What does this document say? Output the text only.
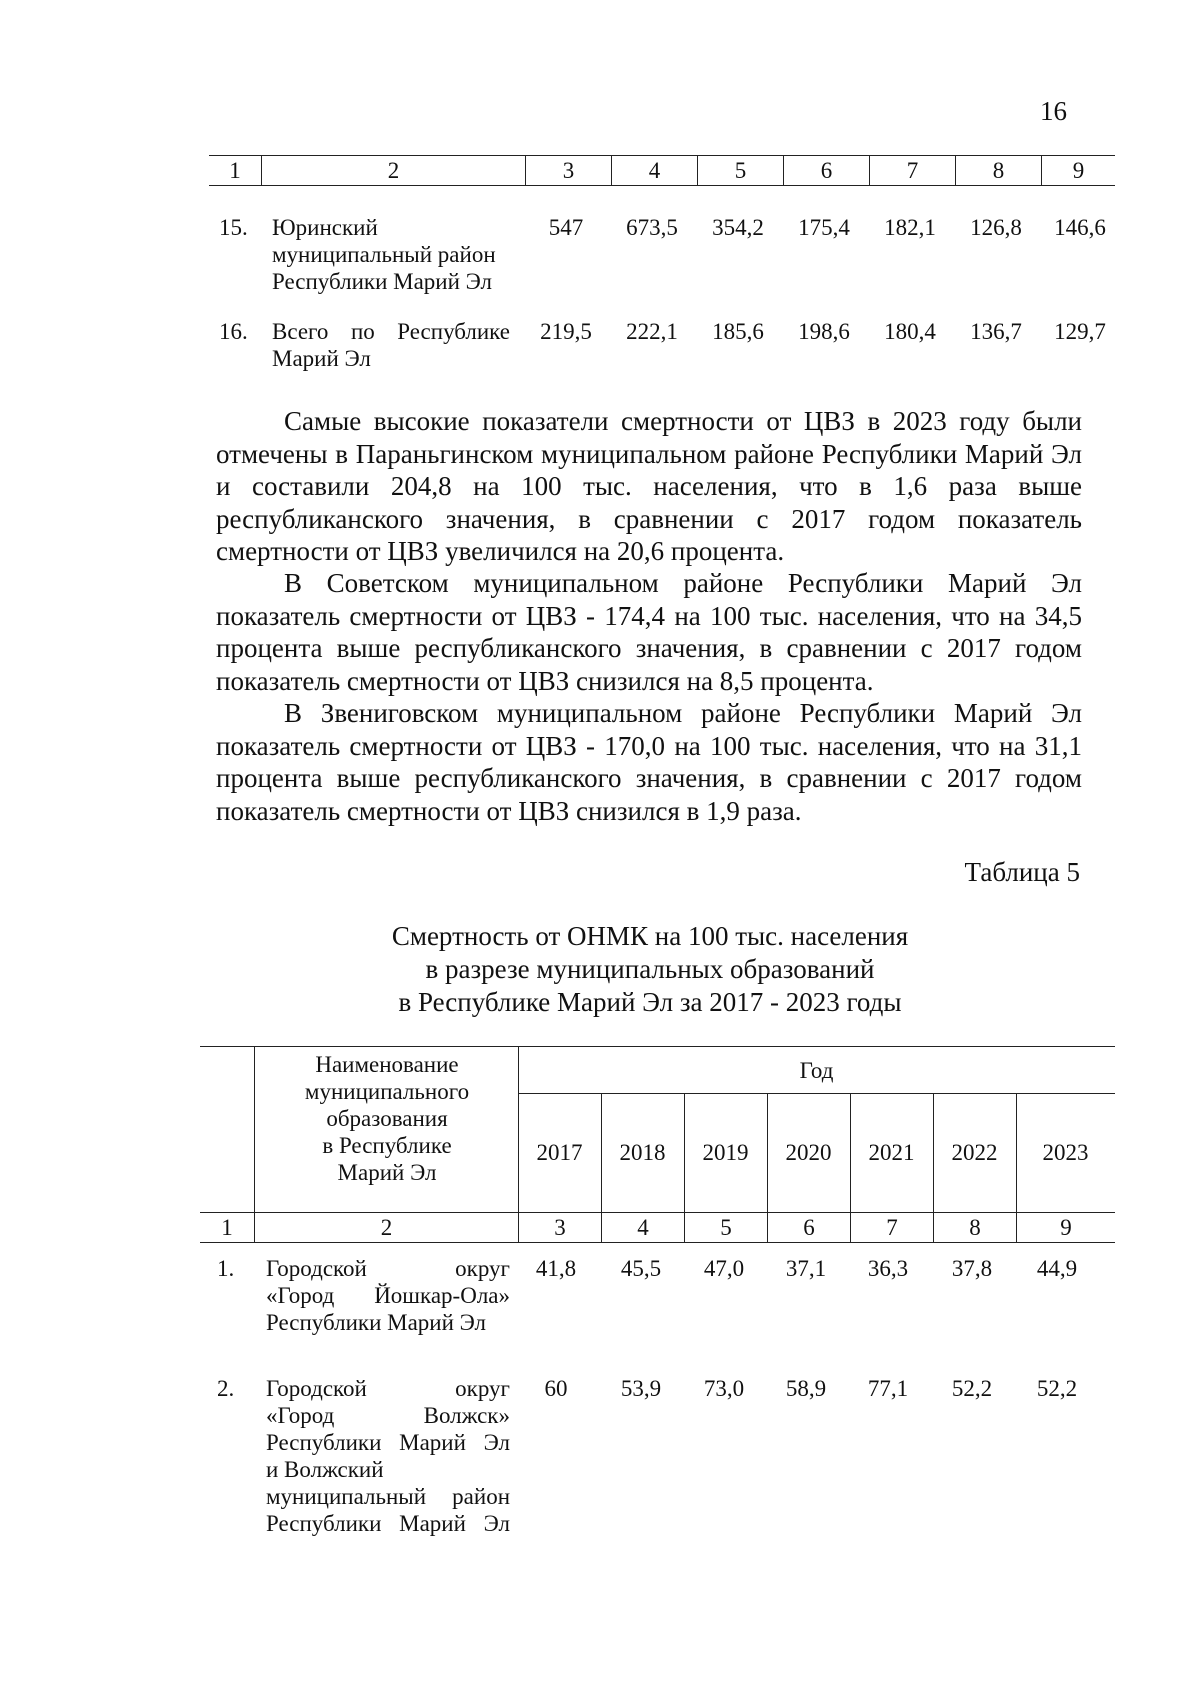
16
1	2	3	4	5	6	7	8	9
15. Юринский
муниципальный район
Республики Марий Эл
547	673,5	354,2	175,4	182,1	126,8	146,6
16. Всего по Республике
Марий Эл
219,5	222,1	185,6	198,6	180,4	136,7	129,7
Самые высокие показатели смертности от ЦВЗ в 2023 году были отмечены в Параньгинском муниципальном районе Республики Марий Эл и составили 204,8 на 100 тыс. населения, что в 1,6 раза выше республиканского значения, в сравнении с 2017 годом показатель смертности от ЦВЗ увеличился на 20,6 процента.
В Советском муниципальном районе Республики Марий Эл показатель смертности от ЦВЗ - 174,4 на 100 тыс. населения, что на 34,5 процента выше республиканского значения, в сравнении с 2017 годом показатель смертности от ЦВЗ снизился на 8,5 процента.
В Звениговском муниципальном районе Республики Марий Эл показатель смертности от ЦВЗ - 170,0 на 100 тыс. населения, что на 31,1 процента выше республиканского значения, в сравнении с 2017 годом показатель смертности от ЦВЗ снизился в 1,9 раза.
Таблица 5
Смертность от ОНМК на 100 тыс. населения
в разрезе муниципальных образований
в Республике Марий Эл за 2017 - 2023 годы
Наименование
муниципального
образования
в Республике
Марий Эл
Год
2017	2018	2019	2020	2021	2022	2023
1	2	3	4	5	6	7	8	9
1. Городской округ
«Город Йошкар-Ола»
Республики Марий Эл
41,8	45,5	47,0	37,1	36,3	37,8	44,9
2. Городской округ
«Город Волжск»
Республики Марий Эл
и Волжский
муниципальный район
Республики Марий Эл
60	53,9	73,0	58,9	77,1	52,2	52,2
